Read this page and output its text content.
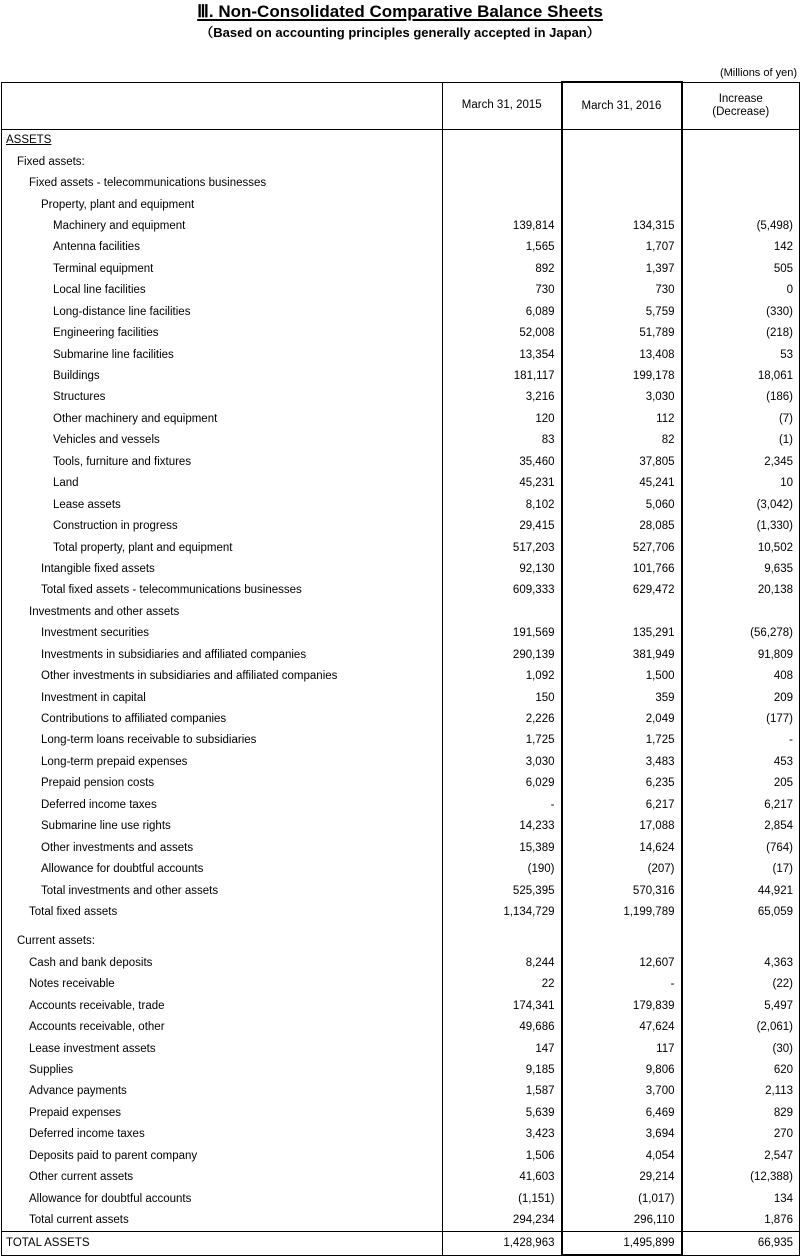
Ⅲ. Non-Consolidated Comparative Balance Sheets
（Based on accounting principles generally accepted in Japan）
(Millions of yen)
	March 31, 2015	March 31, 2016	Increase (Decrease)
ASSETS			
Fixed assets:			
Fixed assets - telecommunications businesses			
Property, plant and equipment			
Machinery and equipment	139,814	134,315	(5,498)
Antenna facilities	1,565	1,707	142
Terminal equipment	892	1,397	505
Local line facilities	730	730	0
Long-distance line facilities	6,089	5,759	(330)
Engineering facilities	52,008	51,789	(218)
Submarine line facilities	13,354	13,408	53
Buildings	181,117	199,178	18,061
Structures	3,216	3,030	(186)
Other machinery and equipment	120	112	(7)
Vehicles and vessels	83	82	(1)
Tools, furniture and fixtures	35,460	37,805	2,345
Land	45,231	45,241	10
Lease assets	8,102	5,060	(3,042)
Construction in progress	29,415	28,085	(1,330)
Total property, plant and equipment	517,203	527,706	10,502
Intangible fixed assets	92,130	101,766	9,635
Total fixed assets - telecommunications businesses	609,333	629,472	20,138
Investments and other assets			
Investment securities	191,569	135,291	(56,278)
Investments in subsidiaries and affiliated companies	290,139	381,949	91,809
Other investments in subsidiaries and affiliated companies	1,092	1,500	408
Investment in capital	150	359	209
Contributions to affiliated companies	2,226	2,049	(177)
Long-term loans receivable to subsidiaries	1,725	1,725	-
Long-term prepaid expenses	3,030	3,483	453
Prepaid pension costs	6,029	6,235	205
Deferred income taxes	-	6,217	6,217
Submarine line use rights	14,233	17,088	2,854
Other investments and assets	15,389	14,624	(764)
Allowance for doubtful accounts	(190)	(207)	(17)
Total investments and other assets	525,395	570,316	44,921
Total fixed assets	1,134,729	1,199,789	65,059

Current assets:			
Cash and bank deposits	8,244	12,607	4,363
Notes receivable	22	-	(22)
Accounts receivable, trade	174,341	179,839	5,497
Accounts receivable, other	49,686	47,624	(2,061)
Lease investment assets	147	117	(30)
Supplies	9,185	9,806	620
Advance payments	1,587	3,700	2,113
Prepaid expenses	5,639	6,469	829
Deferred income taxes	3,423	3,694	270
Deposits paid to parent company	1,506	4,054	2,547
Other current assets	41,603	29,214	(12,388)
Allowance for doubtful accounts	(1,151)	(1,017)	134
Total current assets	294,234	296,110	1,876
TOTAL ASSETS	1,428,963	1,495,899	66,935
